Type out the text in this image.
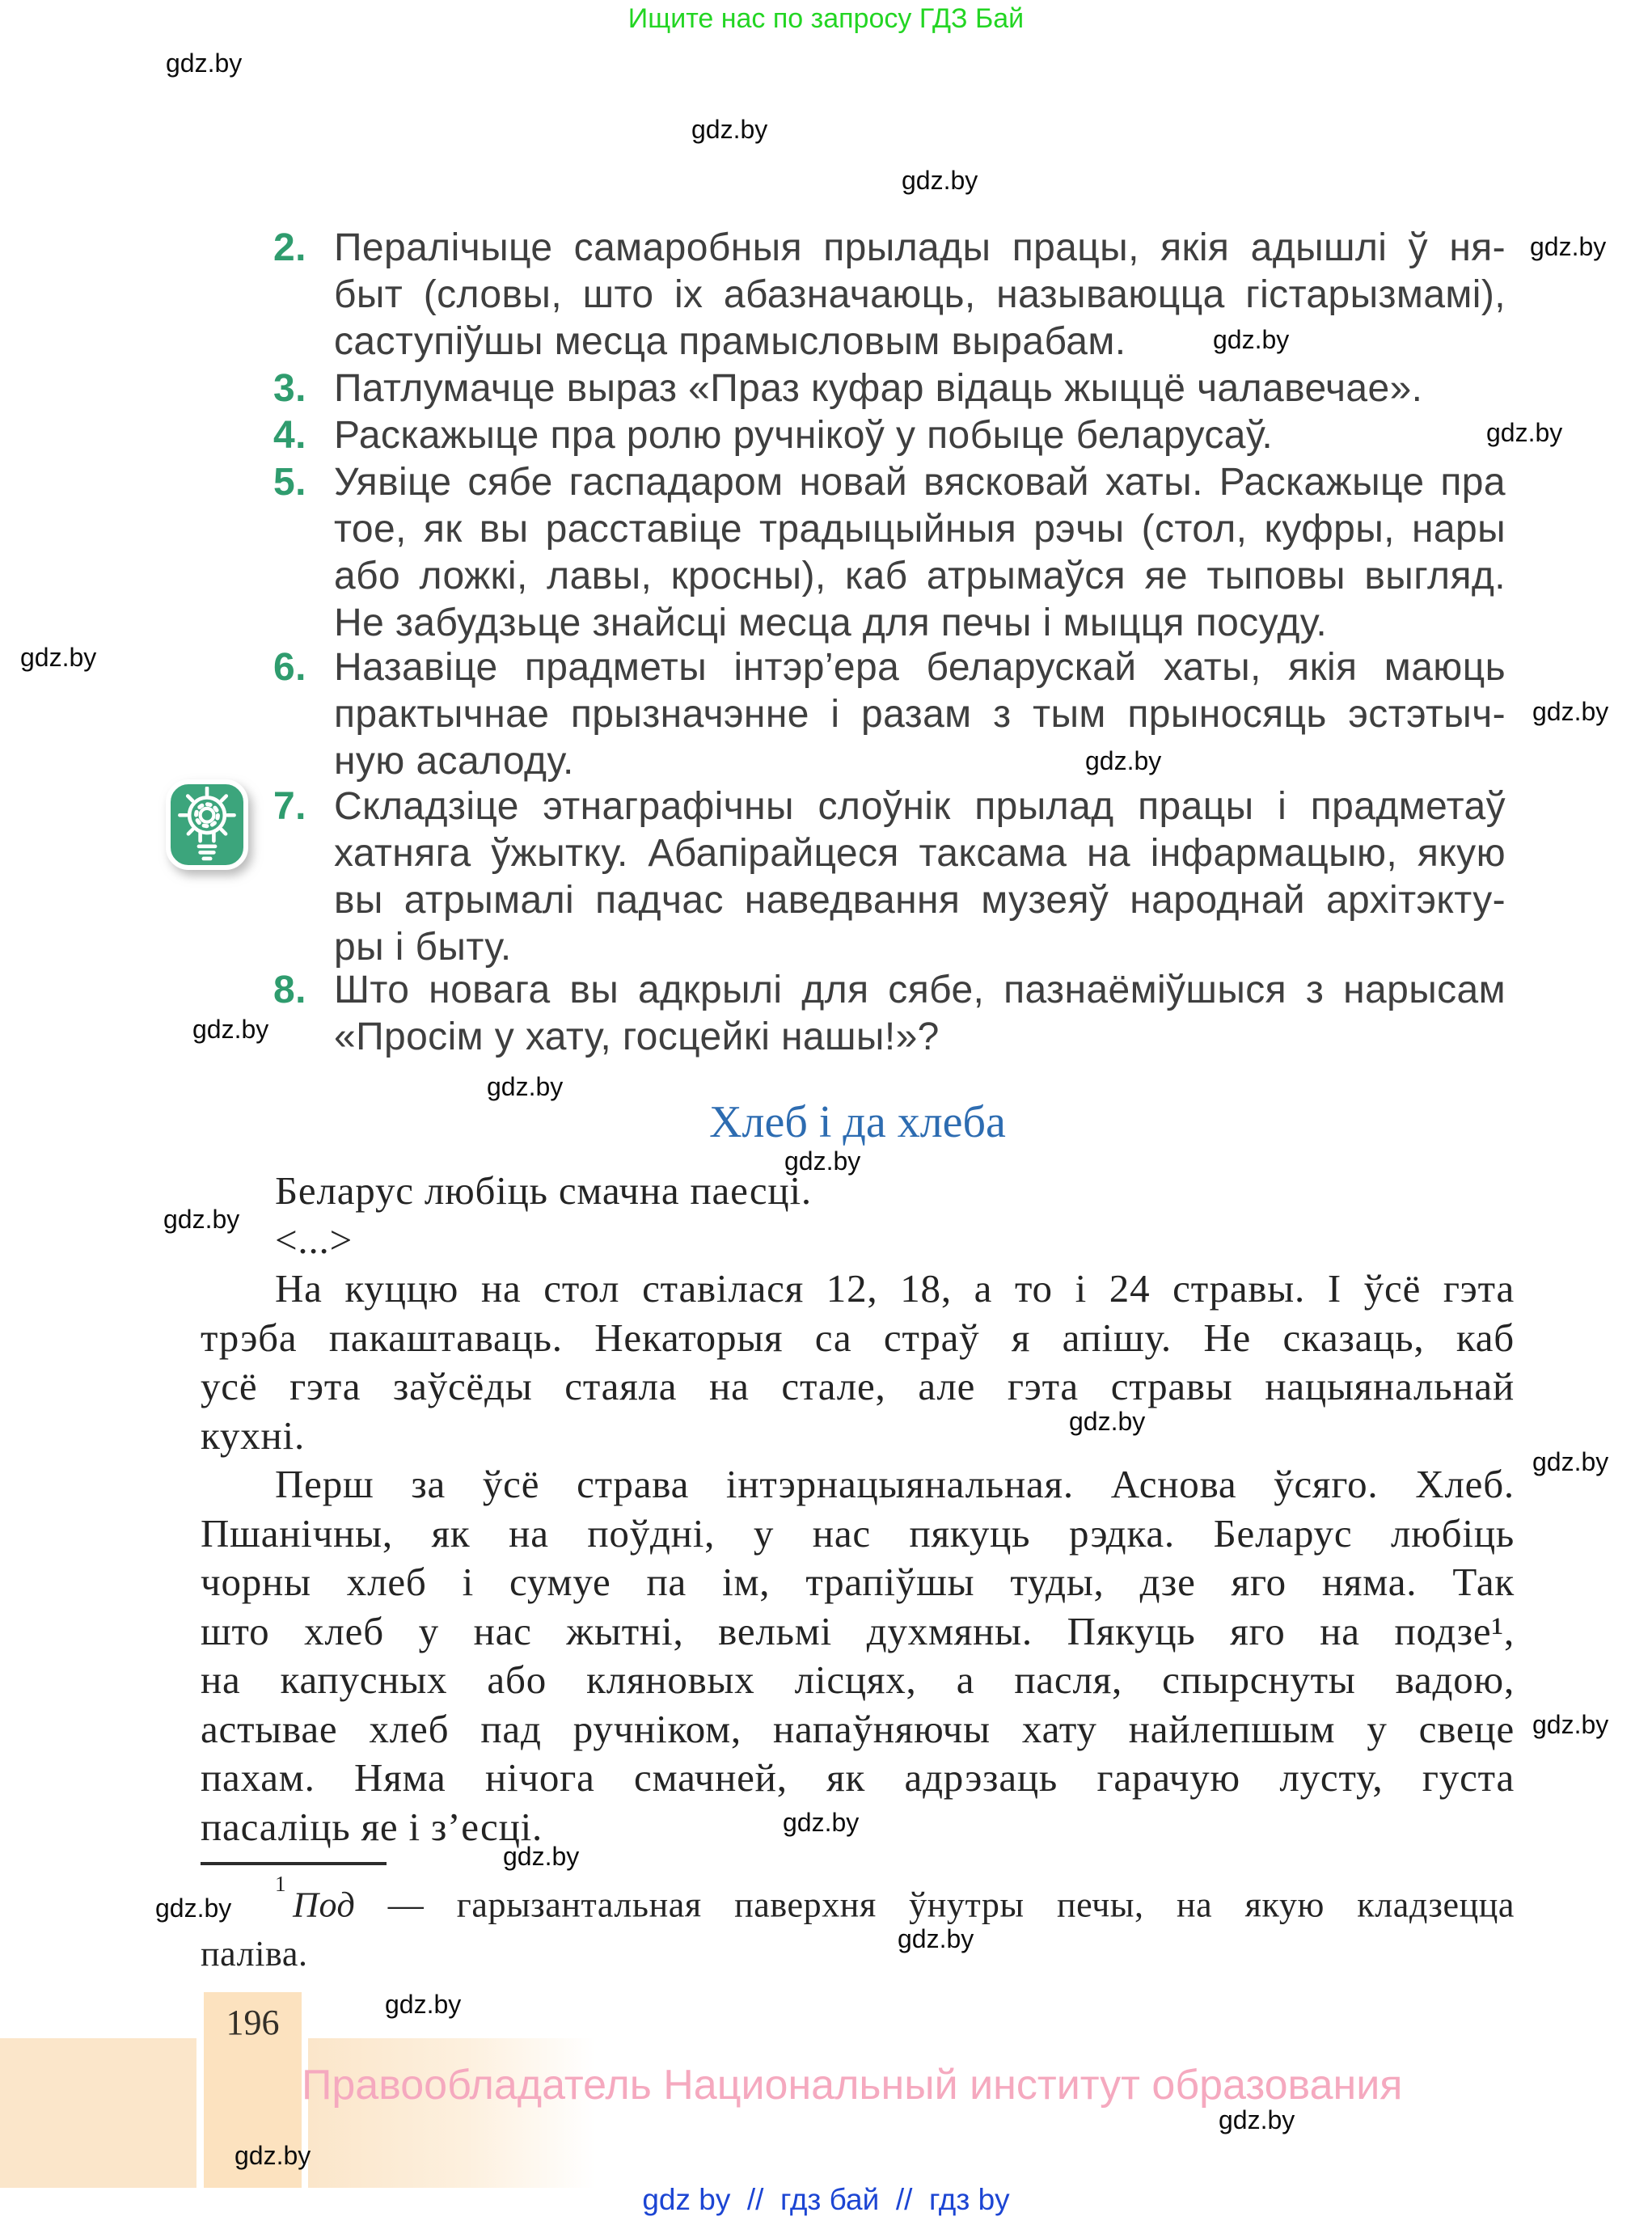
Ищите нас по запросу ГДЗ Бай
2. Пералічыце самаробныя прылады працы, якія адышлі ў ня-
быт (словы, што іх абазначаюць, называюцца гістарызмамі),
саступіўшы месца прамысловым вырабам.
3. Патлумачце выраз «Праз куфар відаць жыццё чалавечае».
4. Раскажыце пра ролю ручнікоў у побыце беларусаў.
5. Уявіце сябе гаспадаром новай вясковай хаты. Раскажыце пра
тое, як вы расставіце традыцыйныя рэчы (стол, куфры, нары
або ложкі, лавы, кросны), каб атрымаўся яе тыповы выгляд.
Не забудзьце знайсці месца для печы і мыцця посуду.
6. Назавіце прадметы інтэр’ера беларускай хаты, якія маюць
практычнае прызначэнне і разам з тым прыносяць эстэтыч-
ную асалоду.
7. Складзіце этнаграфічны слоўнік прылад працы і прадметаў
хатняга ўжытку. Абапірайцеся таксама на інфармацыю, якую
вы атрымалі падчас наведвання музеяў народнай архітэкту-
ры і быту.
8. Што новага вы адкрылі для сябе, пазнаёміўшыся з нарысам
«Просім у хату, госцейкі нашы!»?
Хлеб і да хлеба
Беларус любіць смачна паесці.
<...>
На куццю на стол ставілася 12, 18, а то і 24 стравы. І ўсё гэта
трэба пакаштаваць. Некаторыя са страў я апішу. Не сказаць, каб
усё гэта заўсёды стаяла на стале, але гэта стравы нацыянальнай
кухні.
Перш за ўсё страва інтэрнацыянальная. Аснова ўсяго. Хлеб.
Пшанічны, як на поўдні, у нас пякуць рэдка. Беларус любіць
чорны хлеб і сумуе па ім, трапіўшы туды, дзе яго няма. Так
што хлеб у нас жытні, вельмі духмяны. Пякуць яго на подзе¹,
на капусных або кляновых лісцях, а пасля, спырснуты вадою,
астывае хлеб пад ручніком, напаўняючы хату найлепшым у свеце
пахам. Няма нічога смачней, як адрэзаць гарачую лусту, густа
пасаліць яе і з’есці.
$^1$Под — гарызантальная паверхня ўнутры печы, на якую кладзецца
паліва.
196
Правообладатель Национальный институт образования
gdz by  //  гдз бай  //  гдз by
gdz.by
gdz.by
gdz.by
gdz.by
gdz.by
gdz.by
gdz.by
gdz.by
gdz.by
gdz.by
gdz.by
gdz.by
gdz.by
gdz.by
gdz.by
gdz.by
gdz.by
gdz.by
gdz.by
gdz.by
gdz.by
gdz.by
gdz.by
